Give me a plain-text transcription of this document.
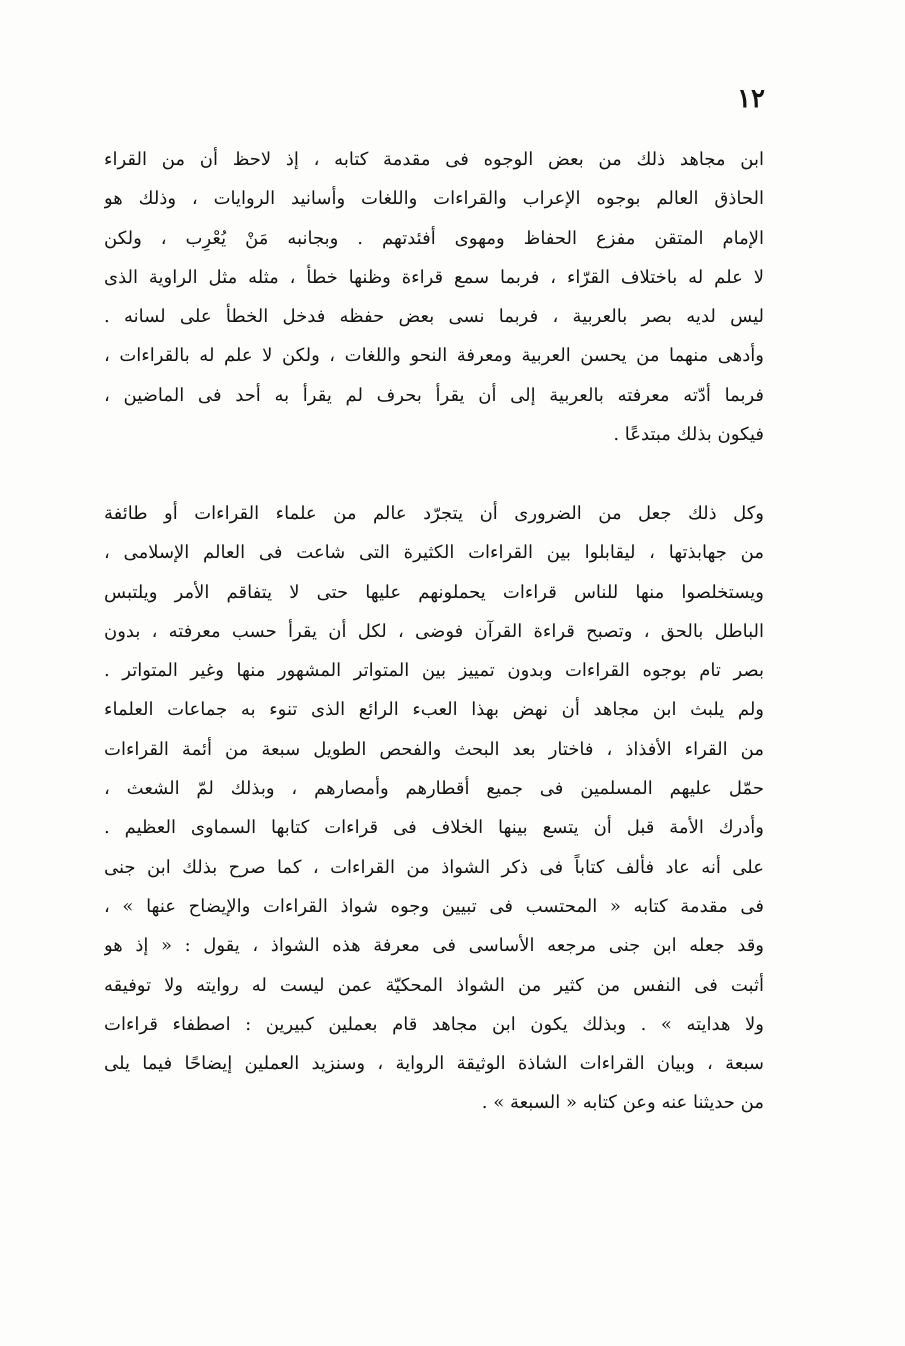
١٢
ابن مجاهد ذلك من بعض الوجوه فى مقدمة كتابه ، إذ لاحظ أن من القراء
الحاذق العالم بوجوه الإعراب والقراءات واللغات وأسانيد الروايات ، وذلك هو
الإمام المتقن مفزع الحفاظ ومهوى أفئدتهم . وبجانبه مَنْ يُعْرِب ، ولكن
لا علم له باختلاف القرّاء ، فربما سمع قراءة وظنها خطأ ، مثله مثل الراوية الذى
ليس لديه بصر بالعربية ، فربما نسى بعض حفظه فدخل الخطأ على لسانه .
وأدهى منهما من يحسن العربية ومعرفة النحو واللغات ، ولكن لا علم له بالقراءات ،
فربما أدّته معرفته بالعربية إلى أن يقرأ بحرف لم يقرأ به أحد فى الماضين ،
فيكون بذلك مبتدعًا .
وكل ذلك جعل من الضرورى أن يتجرّد عالم من علماء القراءات أو طائفة
من جهابذتها ، ليقابلوا بين القراءات الكثيرة التى شاعت فى العالم الإسلامى ،
ويستخلصوا منها للناس قراءات يحملونهم عليها حتى لا يتفاقم الأمر ويلتبس
الباطل بالحق ، وتصبح قراءة القرآن فوضى ، لكل أن يقرأ حسب معرفته ، بدون
بصر تام بوجوه القراءات وبدون تمييز بين المتواتر المشهور منها وغير المتواتر .
ولم يلبث ابن مجاهد أن نهض بهذا العبء الرائع الذى تنوء به جماعات العلماء
من القراء الأفذاذ ، فاختار بعد البحث والفحص الطويل سبعة من أئمة القراءات
حمّل عليهم المسلمين فى جميع أقطارهم وأمصارهم ، وبذلك لمّ الشعث ،
وأدرك الأمة قبل أن يتسع بينها الخلاف فى قراءات كتابها السماوى العظيم .
على أنه عاد فألف كتاباً فى ذكر الشواذ من القراءات ، كما صرح بذلك ابن جنى
فى مقدمة كتابه « المحتسب فى تبيين وجوه شواذ القراءات والإيضاح عنها » ،
وقد جعله ابن جنى مرجعه الأساسى فى معرفة هذه الشواذ ، يقول : « إذ هو
أثبت فى النفس من كثير من الشواذ المحكيّة عمن ليست له روايته ولا توفيقه
ولا هدايته » . وبذلك يكون ابن مجاهد قام بعملين كبيرين : اصطفاء قراءات
سبعة ، وبيان القراءات الشاذة الوثيقة الرواية ، وسنزيد العملين إيضاحًا فيما يلى
من حديثنا عنه وعن كتابه « السبعة » .
